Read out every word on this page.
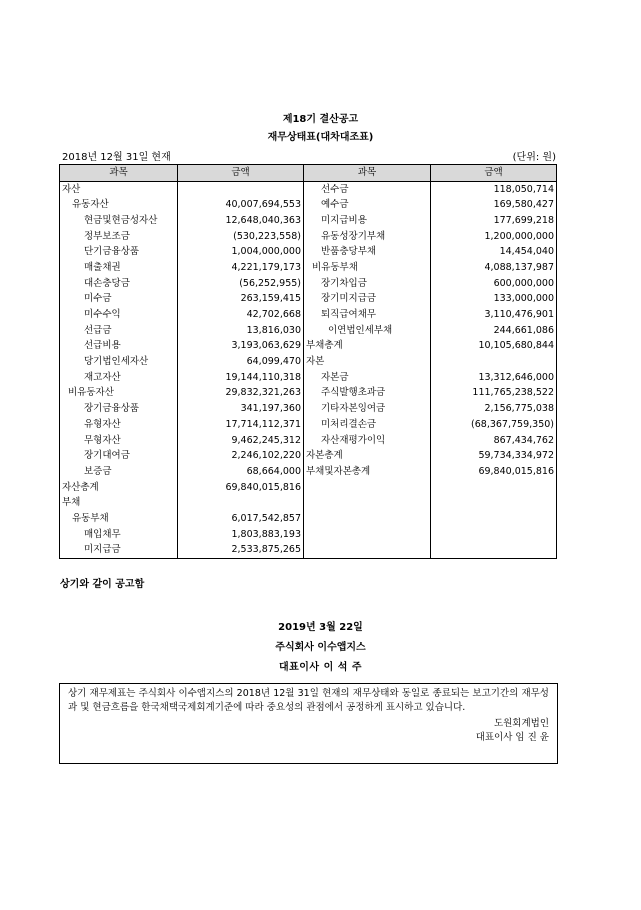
제18기 결산공고
재무상태표(대차대조표)
2018년 12월 31일 현재	(단위: 원)
과목	금액	과목	금액
자산		선수금	118,050,714
유동자산	40,007,694,553	예수금	169,580,427
현금및현금성자산	12,648,040,363	미지급비용	177,699,218
정부보조금	(530,223,558)	유동성장기부채	1,200,000,000
단기금융상품	1,004,000,000	반품충당부채	14,454,040
매출채권	4,221,179,173	비유동부채	4,088,137,987
대손충당금	(56,252,955)	장기차입금	600,000,000
미수금	263,159,415	장기미지급금	133,000,000
미수수익	42,702,668	퇴직급여채무	3,110,476,901
선급금	13,816,030	이연법인세부채	244,661,086
선급비용	3,193,063,629	부채총계	10,105,680,844
당기법인세자산	64,099,470	자본	
재고자산	19,144,110,318	자본금	13,312,646,000
비유동자산	29,832,321,263	주식발행초과금	111,765,238,522
장기금융상품	341,197,360	기타자본잉여금	2,156,775,038
유형자산	17,714,112,371	미처리결손금	(68,367,759,350)
무형자산	9,462,245,312	자산재평가이익	867,434,762
장기대여금	2,246,102,220	자본총계	59,734,334,972
보증금	68,664,000	부채및자본총계	69,840,015,816
자산총계	69,840,015,816		
부채			
유동부채	6,017,542,857		
매입채무	1,803,883,193		
미지급금	2,533,875,265		
상기와 같이 공고함
2019년 3월 22일
주식회사 이수앱지스
대표이사 이 석 주
상기 재무제표는 주식회사 이수앱지스의 2018년 12월 31일 현재의 재무상태와 동일로 종료되는 보고기간의 재무성과 및 현금흐름을 한국채택국제회계기준에 따라 중요성의 관점에서 공정하게 표시하고 있습니다.
도원회계법인
대표이사 임 진 윤
